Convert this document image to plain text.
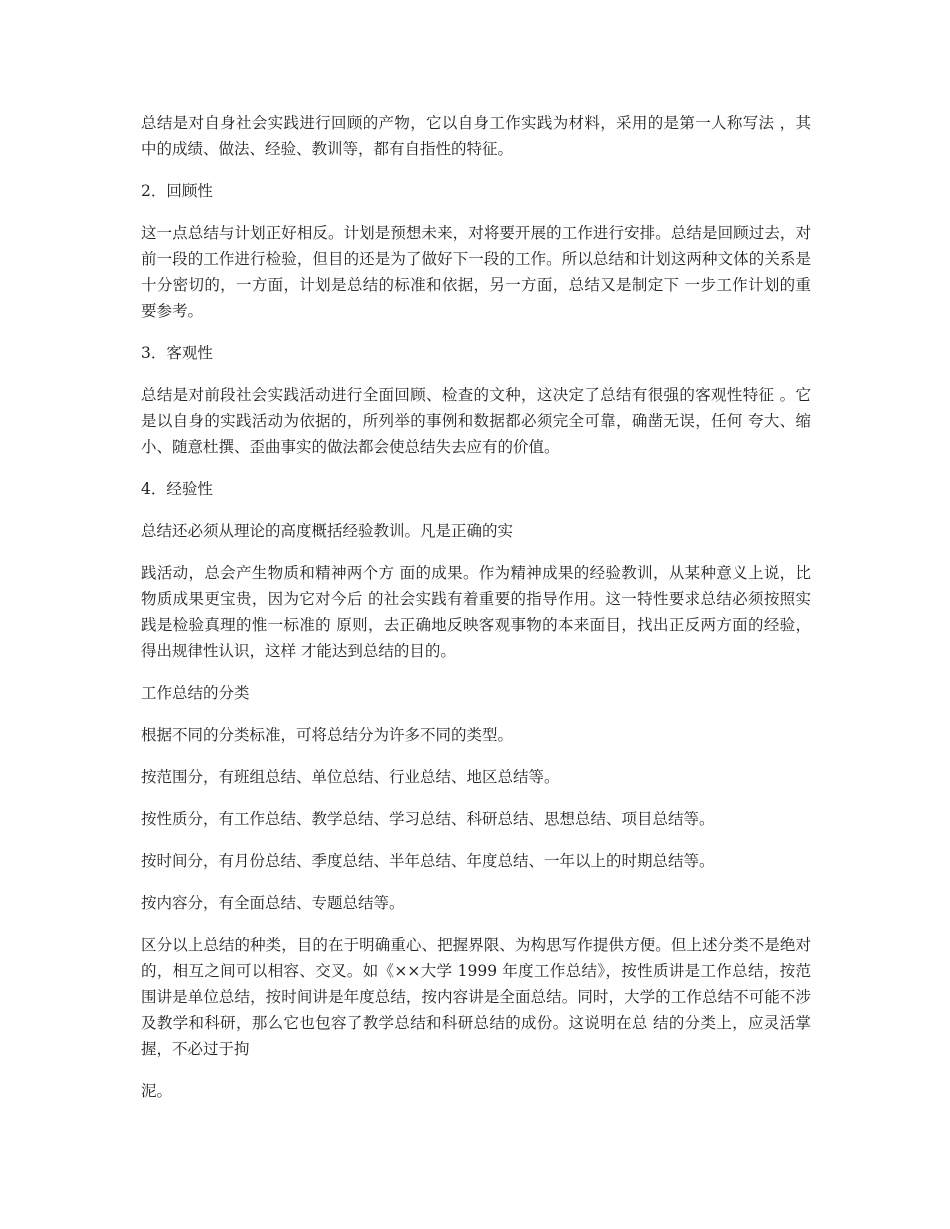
总结是对自身社会实践进行回顾的产物，它以自身工作实践为材料，采用的是第一人称写法 ，其中的成绩、做法、经验、教训等，都有自指性的特征。

2．回顾性

这一点总结与计划正好相反。计划是预想未来，对将要开展的工作进行安排。总结是回顾过去，对前一段的工作进行检验，但目的还是为了做好下一段的工作。所以总结和计划这两种文体的关系是十分密切的，一方面，计划是总结的标准和依据，另一方面，总结又是制定下 一步工作计划的重要参考。

3．客观性

总结是对前段社会实践活动进行全面回顾、检查的文种，这决定了总结有很强的客观性特征 。它是以自身的实践活动为依据的，所列举的事例和数据都必须完全可靠，确凿无误，任何 夸大、缩小、随意杜撰、歪曲事实的做法都会使总结失去应有的价值。

4．经验性

总结还必须从理论的高度概括经验教训。凡是正确的实

践活动，总会产生物质和精神两个方 面的成果。作为精神成果的经验教训，从某种意义上说，比物质成果更宝贵，因为它对今后 的社会实践有着重要的指导作用。这一特性要求总结必须按照实践是检验真理的惟一标准的 原则，去正确地反映客观事物的本来面目，找出正反两方面的经验，得出规律性认识，这样 才能达到总结的目的。

工作总结的分类

根据不同的分类标准，可将总结分为许多不同的类型。

按范围分，有班组总结、单位总结、行业总结、地区总结等。

按性质分，有工作总结、教学总结、学习总结、科研总结、思想总结、项目总结等。

按时间分，有月份总结、季度总结、半年总结、年度总结、一年以上的时期总结等。

按内容分，有全面总结、专题总结等。

区分以上总结的种类，目的在于明确重心、把握界限、为构思写作提供方便。但上述分类不是绝对的，相互之间可以相容、交叉。如《××大学 1999 年度工作总结》，按性质讲是工作总结，按范围讲是单位总结，按时间讲是年度总结，按内容讲是全面总结。同时，大学的工作总结不可能不涉及教学和科研，那么它也包容了教学总结和科研总结的成份。这说明在总 结的分类上，应灵活掌握，不必过于拘

泥。
